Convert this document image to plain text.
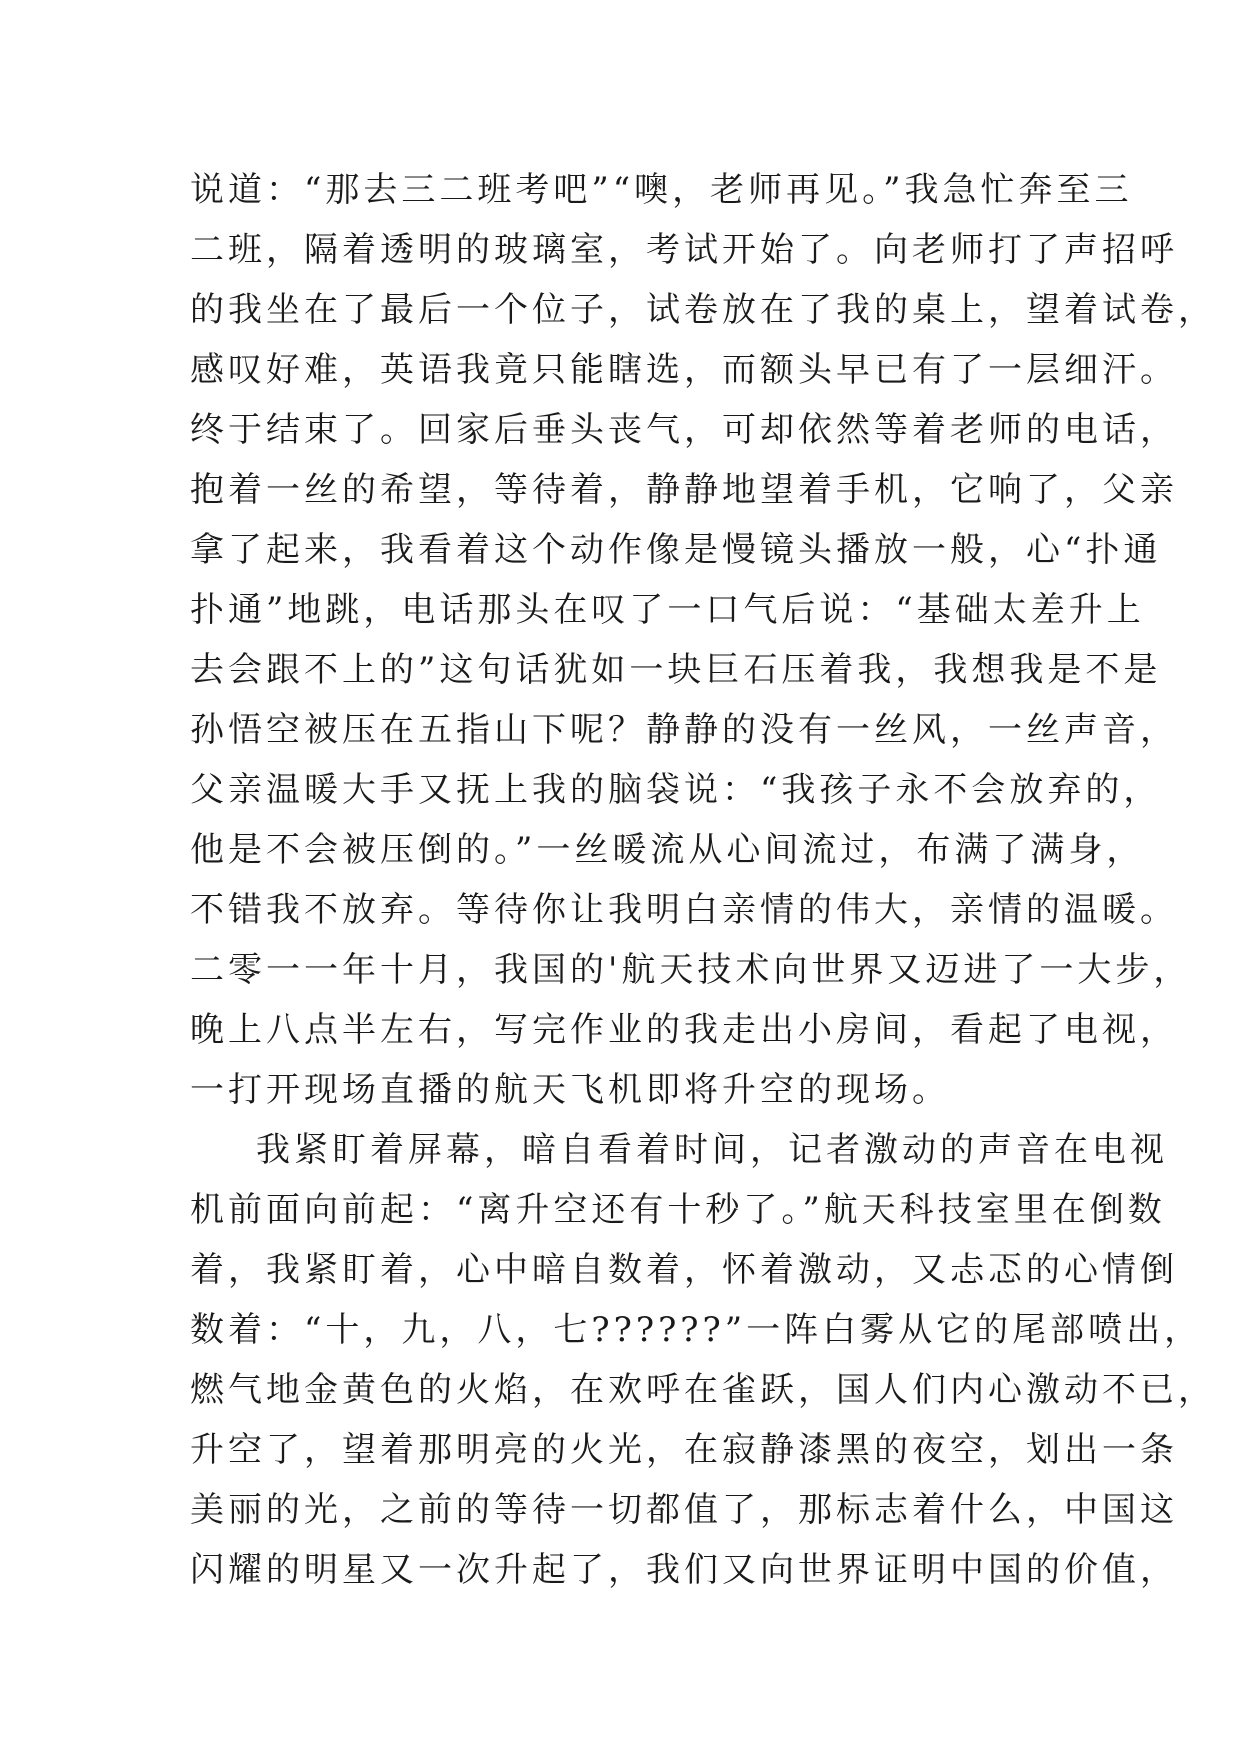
说道：“那去三二班考吧”“噢，老师再见。”我急忙奔至三
二班，隔着透明的玻璃室，考试开始了。向老师打了声招呼
的我坐在了最后一个位子，试卷放在了我的桌上，望着试卷，
感叹好难，英语我竟只能瞎选，而额头早已有了一层细汗。
终于结束了。回家后垂头丧气，可却依然等着老师的电话，
抱着一丝的希望，等待着，静静地望着手机，它响了，父亲
拿了起来，我看着这个动作像是慢镜头播放一般，心“扑通
扑通”地跳，电话那头在叹了一口气后说：“基础太差升上
去会跟不上的”这句话犹如一块巨石压着我，我想我是不是
孙悟空被压在五指山下呢？静静的没有一丝风，一丝声音，
父亲温暖大手又抚上我的脑袋说：“我孩子永不会放弃的，
他是不会被压倒的。”一丝暖流从心间流过，布满了满身，
不错我不放弃。等待你让我明白亲情的伟大，亲情的温暖。
二零一一年十月，我国的'航天技术向世界又迈进了一大步，
晚上八点半左右，写完作业的我走出小房间，看起了电视，
一打开现场直播的航天飞机即将升空的现场。
我紧盯着屏幕，暗自看着时间，记者激动的声音在电视
机前面向前起：“离升空还有十秒了。”航天科技室里在倒数
着，我紧盯着，心中暗自数着，怀着激动，又忐忑的心情倒
数着：“十，九，八，七??????”一阵白雾从它的尾部喷出，
燃气地金黄色的火焰，在欢呼在雀跃，国人们内心激动不已，
升空了，望着那明亮的火光，在寂静漆黑的夜空，划出一条
美丽的光，之前的等待一切都值了，那标志着什么，中国这
闪耀的明星又一次升起了，我们又向世界证明中国的价值，
